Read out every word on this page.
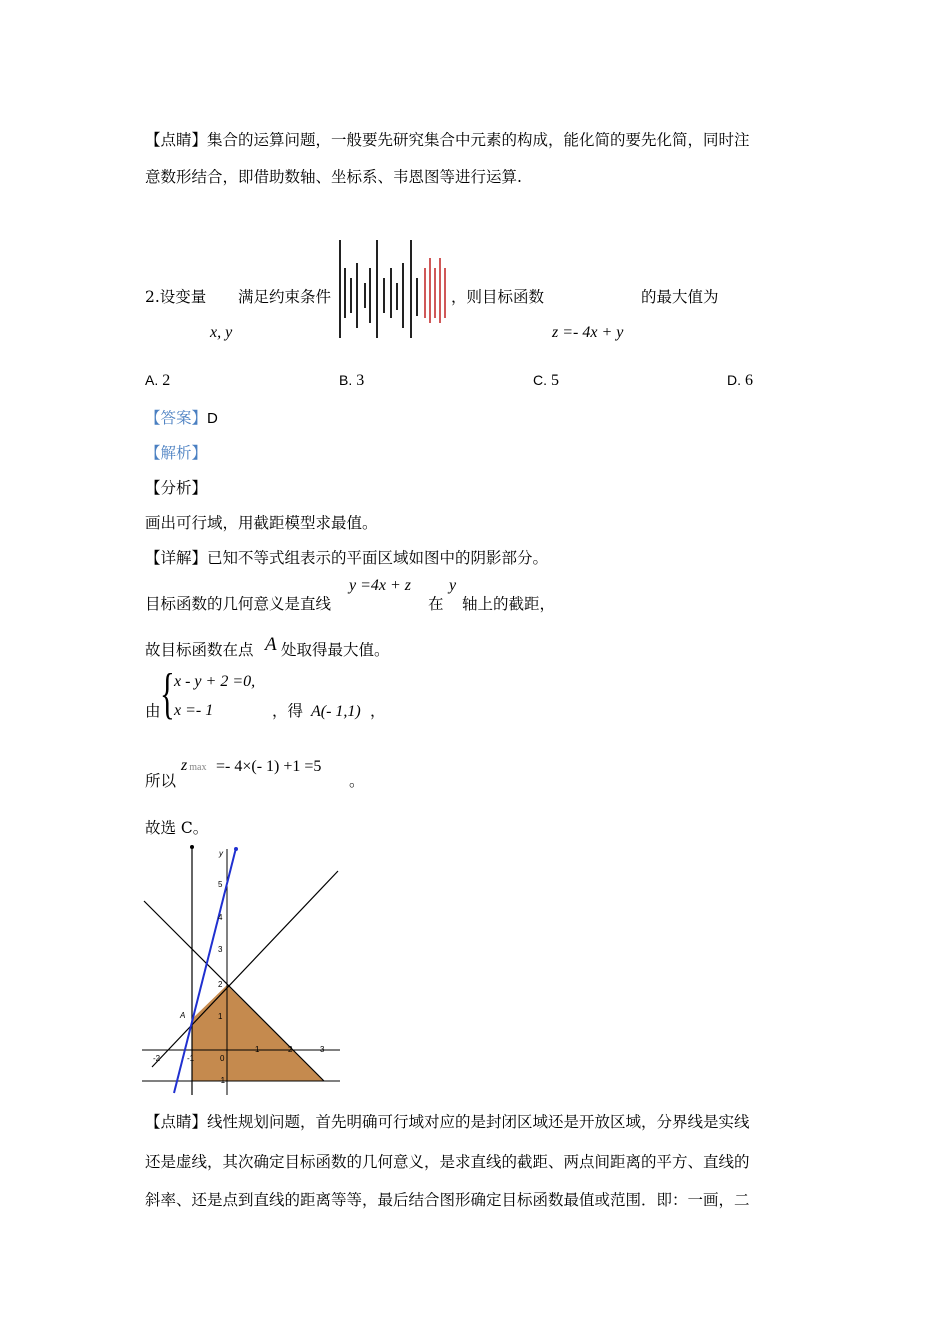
【点睛】集合的运算问题，一般要先研究集合中元素的构成，能化简的要先化简，同时注
意数形结合，即借助数轴、坐标系、韦恩图等进行运算.
2.设变量
x, y
满足约束条件	，则目标函数
z =- 4x + y
的最大值为
A. 2	B. 3	C. 5	D. 6
【答案】D
【解析】
【分析】
画出可行域，用截距模型求最值。
【详解】已知不等式组表示的平面区域如图中的阴影部分。
目标函数的几何意义是直线
y =4x + z
在
y
轴上的截距，
故目标函数在点 A 处取得最大值。
由 { x - y + 2 =0,
x =- 1	，得 A(- 1,1) ，
所以
zmax =- 4×(- 1) +1 =5
。
故选 C。
-2	-1	0
1	2	3
-1
1
2
3
4
5
y
A
【点睛】线性规划问题，首先明确可行域对应的是封闭区域还是开放区域，分界线是实线
还是虚线，其次确定目标函数的几何意义，是求直线的截距、两点间距离的平方、直线的
斜率、还是点到直线的距离等等，最后结合图形确定目标函数最值或范围．即：一画，二
